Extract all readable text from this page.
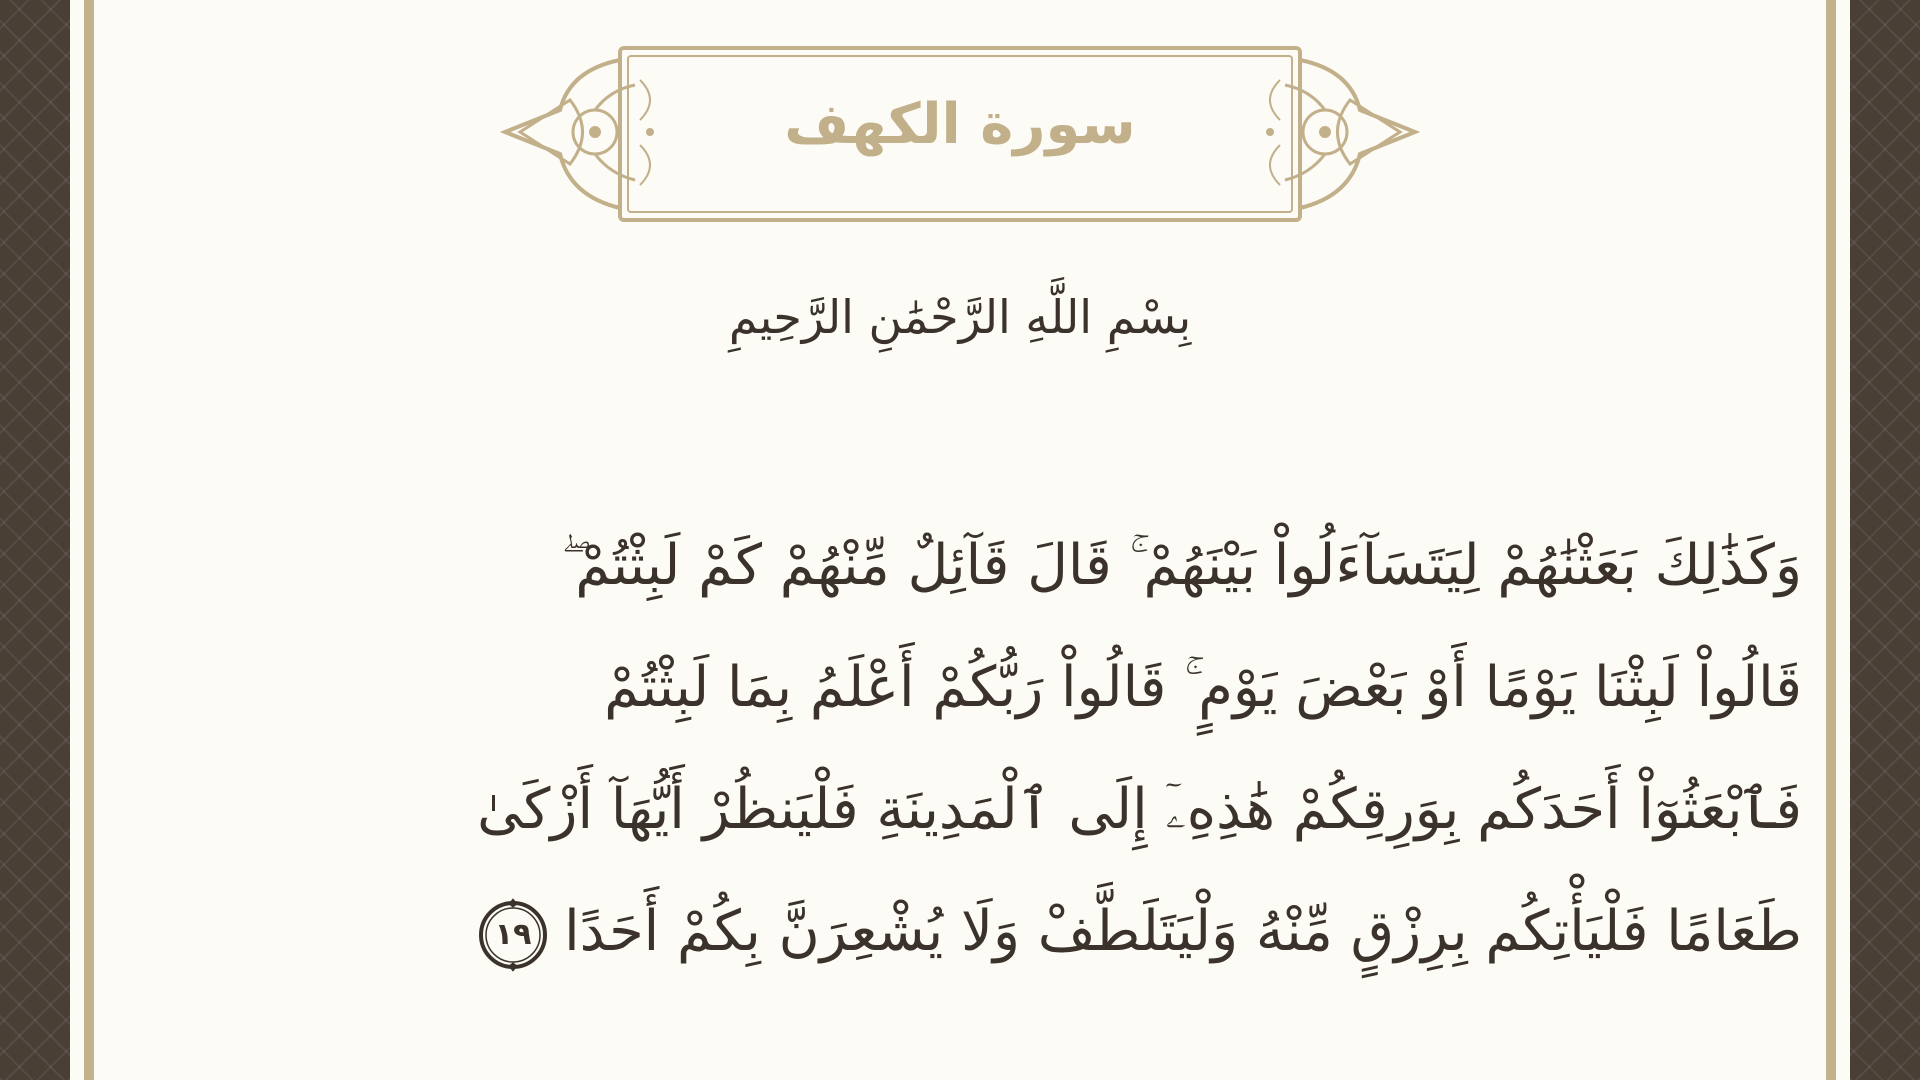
سورة الكهف
بِسْمِ اللَّهِ الرَّحْمَٰنِ الرَّحِيمِ
وَكَذَٰلِكَ بَعَثْنَٰهُمْ لِيَتَسَآءَلُواْ بَيْنَهُمْ ۚ قَالَ قَآئِلٌ مِّنْهُمْ كَمْ لَبِثْتُمْ ۖ
قَالُواْ لَبِثْنَا يَوْمًا أَوْ بَعْضَ يَوْمٍ ۚ قَالُواْ رَبُّكُمْ أَعْلَمُ بِمَا لَبِثْتُمْ
فَٱبْعَثُوٓاْ أَحَدَكُم بِوَرِقِكُمْ هَٰذِهِۦٓ إِلَى ٱلْمَدِينَةِ فَلْيَنظُرْ أَيُّهَآ أَزْكَىٰ
طَعَامًا فَلْيَأْتِكُم بِرِزْقٍ مِّنْهُ وَلْيَتَلَطَّفْ وَلَا يُشْعِرَنَّ بِكُمْ أَحَدًا
١٩
